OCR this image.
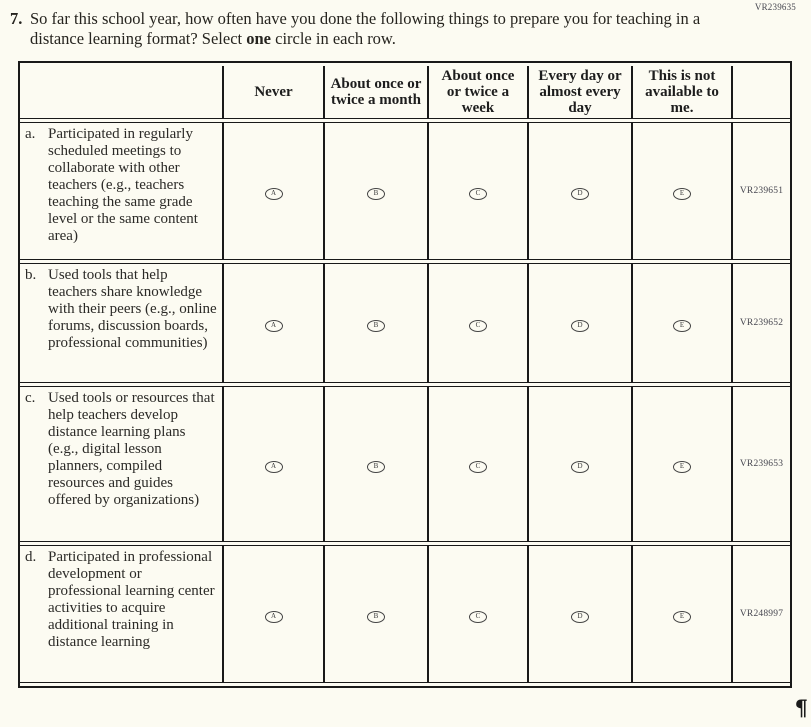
VR239635
7. So far this school year, how often have you done the following things to prepare you for teaching in a distance learning format? Select one circle in each row.
	Never	About once or twice a month	About once or twice a week	Every day or almost every day	This is not available to me.	

a. Participated in regularly scheduled meetings to collaborate with other teachers (e.g., teachers teaching the same grade level or the same content area)	A	B	C	D	E	VR239651

b. Used tools that help teachers share knowledge with their peers (e.g., online forums, discussion boards, professional communities)	A	B	C	D	E	VR239652

c. Used tools or resources that help teachers develop distance learning plans (e.g., digital lesson planners, compiled resources and guides offered by organizations)	A	B	C	D	E	VR239653

d. Participated in professional development or professional learning center activities to acquire additional training in distance learning	A	B	C	D	E	VR248997
¶
